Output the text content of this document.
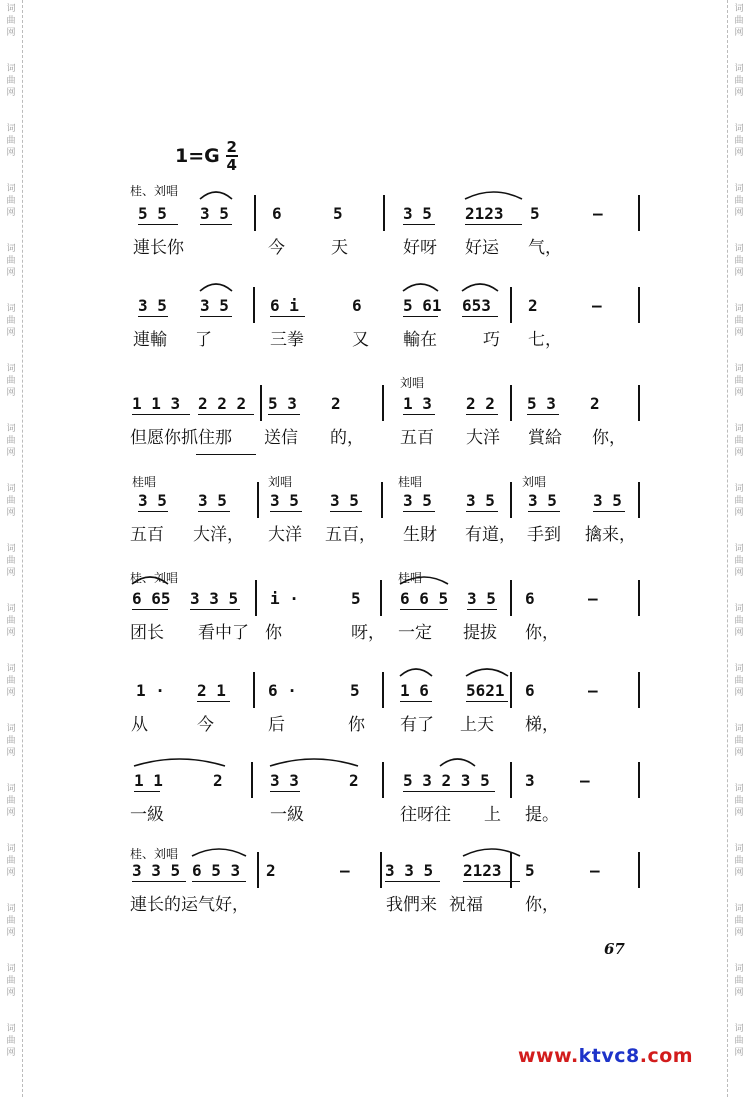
词
曲
网
词
曲
网
词
曲
网
词
曲
网
词
曲
网
词
曲
网
词
曲
网
词
曲
网
词
曲
网
词
曲
网
词
曲
网
词
曲
网
词
曲
网
词
曲
网
词
曲
网
词
曲
网
词
曲
网
词
曲
网
词
曲
网
词
曲
网
词
曲
网
词
曲
网
词
曲
网
词
曲
网
词
曲
网
词
曲
网
词
曲
网
词
曲
网
词
曲
网
词
曲
网
词
曲
网
词
曲
网
词
曲
网
词
曲
网
词
曲
网
词
曲
网
$1=G \frac{2}{4}$
5 5 3 5	6	5	3 5 2123 5	–
連长你	今	天	好呀 好运 气，
3 5 3 5	6 i	6	5 61 653 2	–
連輸 了	三拳	又 輸在	巧 七，
1 1 3 2 2 2 5 3 2	1 3 2 2 5 3 2
但愿你抓住那 送信 的， 五百 大洋 賞給 你，
3 5 3 5	3 5 3 5	3 5 3 5 3 5 3 5
五百 大洋， 大洋 五百， 生財 有道， 手到 擒来，
6 65 3 3 5 i ·	5 6 6 5 3 5 6	–
团长 看中了 你	呀， 一定 提拔 你，
1 · 2 1	6 ·	5	1 6 5621 6	–
从	今	后	你 有了 上天 梯，
1 1	2	3 3	2	5 3 2 3 5 3	–
一級	一級	往呀往 上 提。
3 3 5 6 5 3 2	– 3 3 5 2123 5	–
連长的运 气好，	我們来 祝福 你，
桂、刘唱
刘唱
桂唱	刘唱	桂唱	刘唱
桂、刘唱	桂唱
桂、刘唱
67
www.ktvc8.com
